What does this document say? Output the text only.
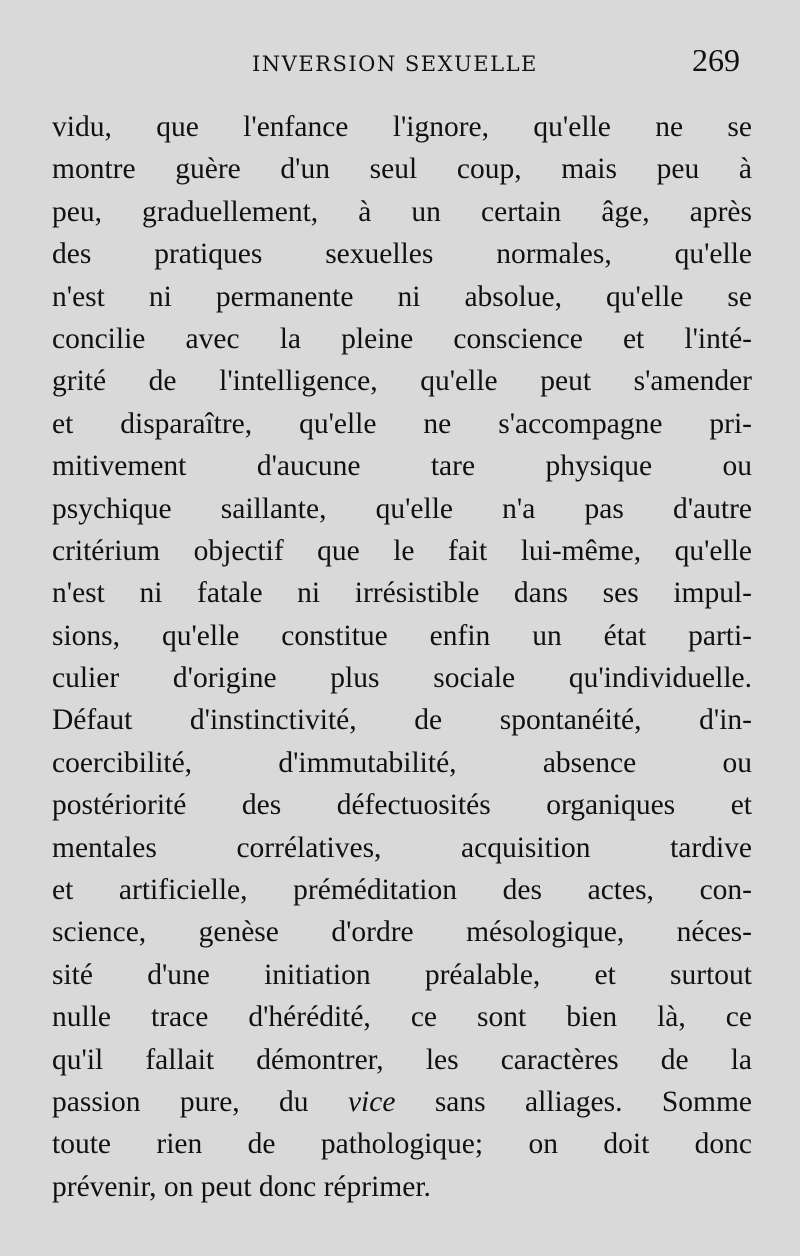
INVERSION SEXUELLE	269
vidu, que l'enfance l'ignore, qu'elle ne se
montre guère d'un seul coup, mais peu à
peu, graduellement, à un certain âge, après
des pratiques sexuelles normales, qu'elle
n'est ni permanente ni absolue, qu'elle se
concilie avec la pleine conscience et l'inté-
grité de l'intelligence, qu'elle peut s'amender
et disparaître, qu'elle ne s'accompagne pri-
mitivement d'aucune tare physique ou
psychique saillante, qu'elle n'a pas d'autre
critérium objectif que le fait lui-même, qu'elle
n'est ni fatale ni irrésistible dans ses impul-
sions, qu'elle constitue enfin un état parti-
culier d'origine plus sociale qu'individuelle.
Défaut d'instinctivité, de spontanéité, d'in-
coercibilité, d'immutabilité, absence ou
postériorité des défectuosités organiques et
mentales corrélatives, acquisition tardive
et artificielle, préméditation des actes, con-
science, genèse d'ordre mésologique, néces-
sité d'une initiation préalable, et surtout
nulle trace d'hérédité, ce sont bien là, ce
qu'il fallait démontrer, les caractères de la
passion pure, du vice sans alliages. Somme
toute rien de pathologique; on doit donc
prévenir, on peut donc réprimer.
